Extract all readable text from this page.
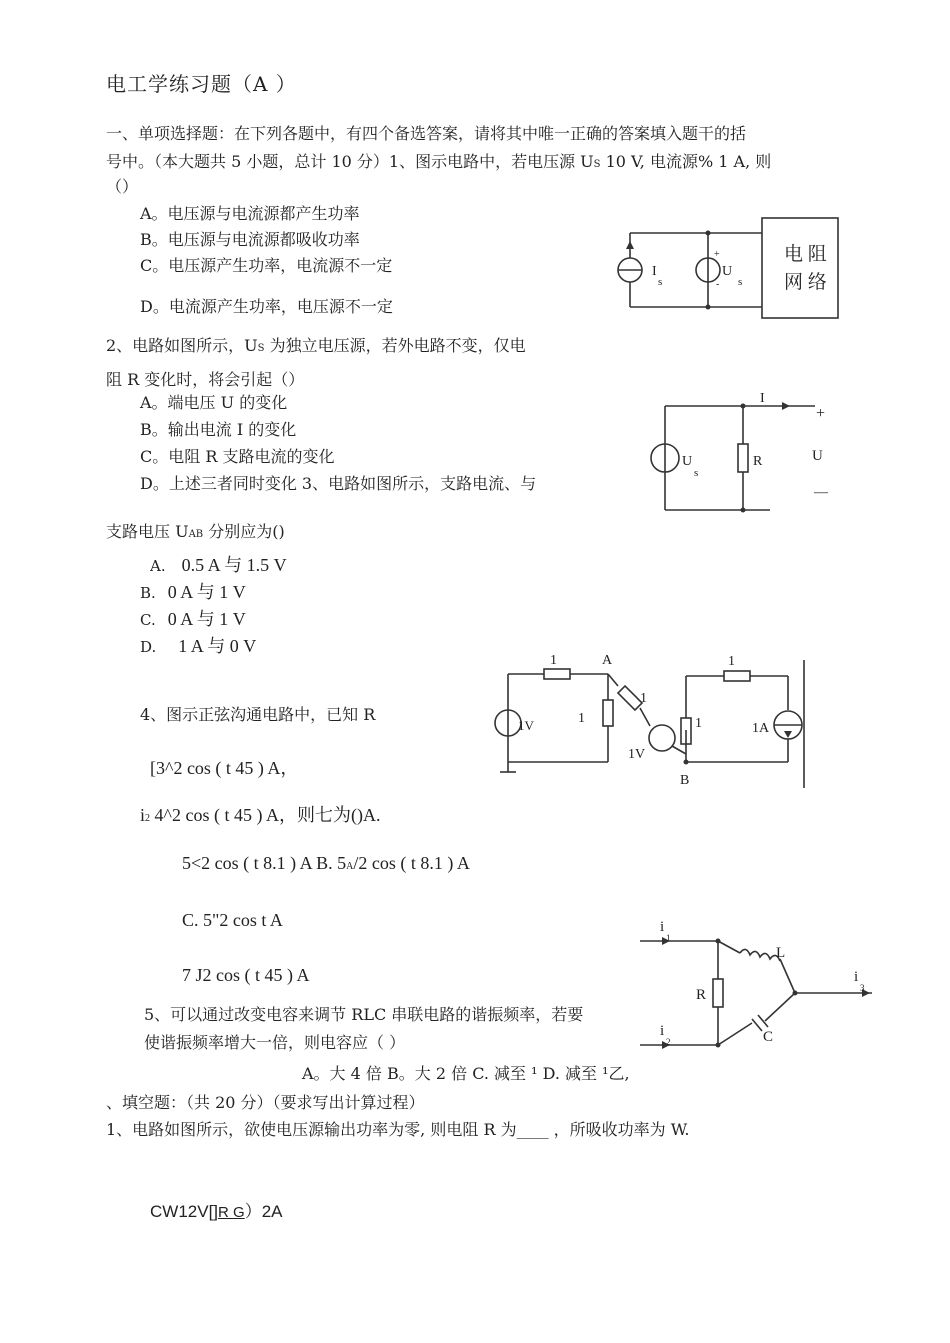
电工学练习题（A ）
一、单项选择题：在下列各题中，有四个备选答案，请将其中唯一正确的答案填入题干的括
号中。（本大题共 5 小题，总计 10 分）1、图示电路中，若电压源 US 10 V, 电流源% 1 A, 则
（）
A。电压源与电流源都产生功率
B。电压源与电流源都吸收功率
C。电压源产生功率，电流源不一定
D。电流源产生功率，电压源不一定
I
s
+
U
s
-
电 阻
网 络
2、电路如图所示，US 为独立电压源，若外电路不变，仅电
阻 R 变化时，将会引起（）
A。端电压 U 的变化
B。输出电流 I 的变化
C。电阻 R 支路电流的变化
D。上述三者同时变化 3、电路如图所示，支路电流、与
I
+
U
—
R
U
s
支路电压 UAB 分别应为()
A. 0.5 A 与 1.5 V
B. 0 A 与 1 V
C. 0 A 与 1 V
D. 1 A 与 0 V
1	A
1
1
1V	1
1V
B
1
1A
4、图示正弦沟通电路中，已知 R
[3^2 cos ( t 45 ) A，
i2 4^2 cos ( t 45 ) A，则七为()A.
5<2 cos ( t 8.1 ) A B. 5A/2 cos ( t 8.1 ) A
C. 5"2 cos t A
7 J2 cos ( t 45 ) A
i
1
i
2
i
3
R
L
C
5、可以通过改变电容来调节 RLC 串联电路的谐振频率，若要
使谐振频率增大一倍，则电容应（ ）
A。大 4 倍 B。大 2 倍 C. 减至 ¹ D. 减至 ¹乙,
、填空题：（共 20 分）（要求写出计算过程）
1、电路如图所示，欲使电压源输出功率为零, 则电阻 R 为____ ，所吸收功率为 W.
CW12V[]R G）2A
